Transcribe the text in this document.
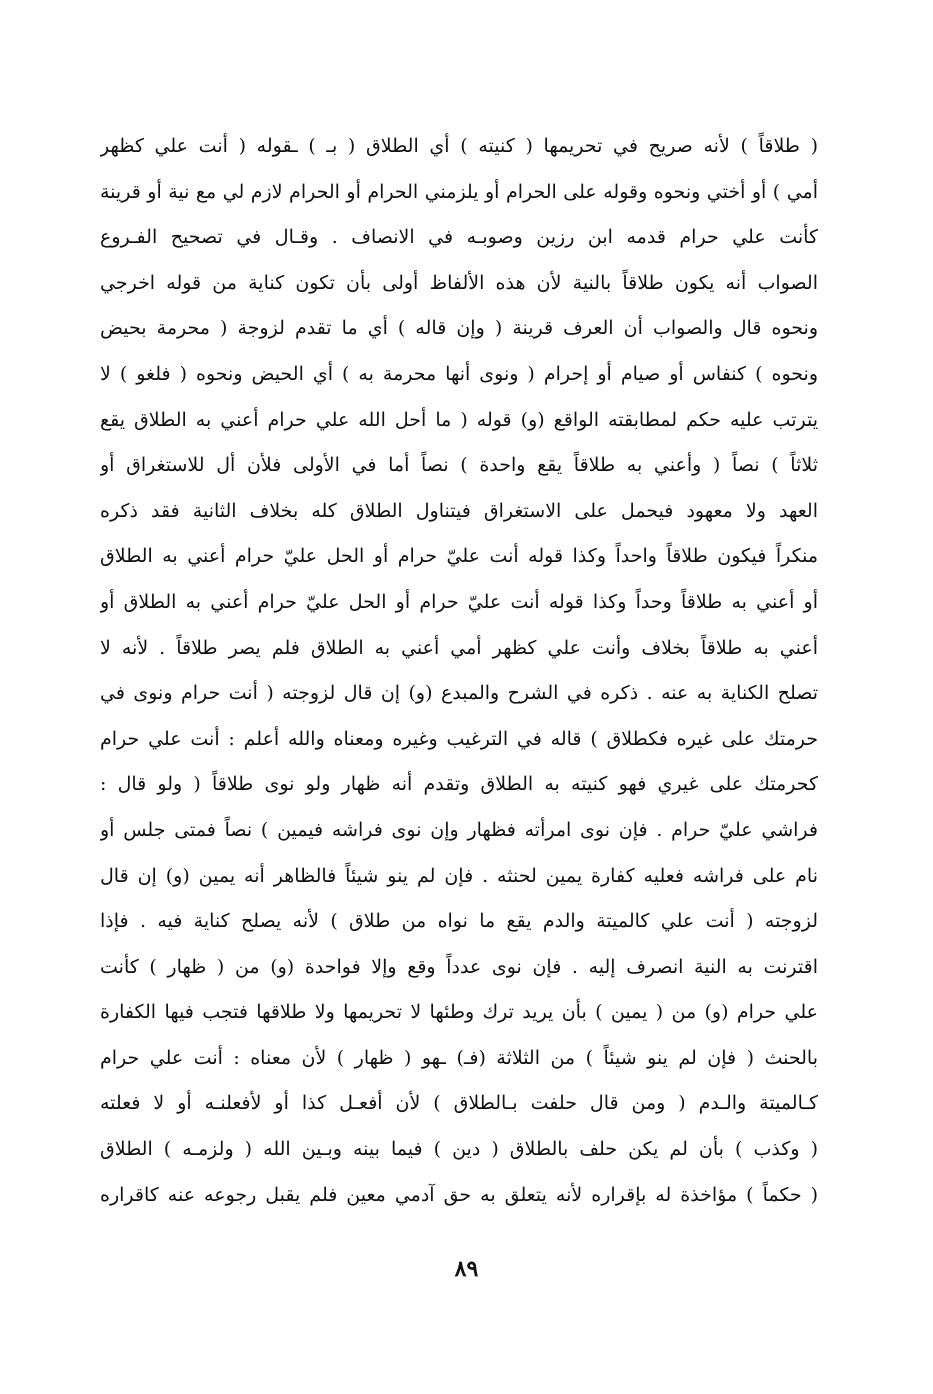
( طلاقاً ) لأنه صريح في تحريمها ( كنيته ) أي الطلاق ( بـ ) ـقوله ( أنت علي كظهر
أمي ) أو أختي ونحوه وقوله على الحرام أو يلزمني الحرام أو الحرام لازم لي مع نية أو قرينة
كأنت علي حرام قدمه ابن رزين وصوبـه في الانصاف . وقـال في تصحيح الفـروع
الصواب أنه يكون طلاقاً بالنية لأن هذه الألفاظ أولى بأن تكون كناية من قوله اخرجي
ونحوه قال والصواب أن العرف قرينة ( وإن قاله ) أي ما تقدم لزوجة ( محرمة بحيض
ونحوه ) كنفاس أو صيام أو إحرام ( ونوى أنها محرمة به ) أي الحيض ونحوه ( فلغو ) لا
يترتب عليه حكم لمطابقته الواقع (و) قوله ( ما أحل الله علي حرام أعني به الطلاق يقع
ثلاثاً ) نصاً ( وأعني به طلاقاً يقع واحدة ) نصاً أما في الأولى فلأن أل للاستغراق أو
العهد ولا معهود فيحمل على الاستغراق فيتناول الطلاق كله بخلاف الثانية فقد ذكره
منكراً فيكون طلاقاً واحداً وكذا قوله أنت عليّ حرام أو الحل عليّ حرام أعني به الطلاق
أو أعني به طلاقاً وحداً وكذا قوله أنت عليّ حرام أو الحل عليّ حرام أعني به الطلاق أو
أعني به طلاقاً بخلاف وأنت علي كظهر أمي أعني به الطلاق فلم يصر طلاقاً . لأنه لا
تصلح الكناية به عنه . ذكره في الشرح والمبدع (و) إن قال لزوجته ( أنت حرام ونوى في
حرمتك على غيره فكطلاق ) قاله في الترغيب وغيره ومعناه والله أعلم : أنت علي حرام
كحرمتك على غيري فهو كنيته به الطلاق وتقدم أنه ظهار ولو نوى طلاقاً ( ولو قال :
فراشي عليّ حرام . فإن نوى امرأته فظهار وإن نوى فراشه فيمين ) نصاً فمتى جلس أو
نام على فراشه فعليه كفارة يمين لحنثه . فإن لم ينو شيئاً فالظاهر أنه يمين (و) إن قال
لزوجته ( أنت علي كالميتة والدم يقع ما نواه من طلاق ) لأنه يصلح كناية فيه . فإذا
اقترنت به النية انصرف إليه . فإن نوى عدداً وقع وإلا فواحدة (و) من ( ظهار ) كأنت
علي حرام (و) من ( يمين ) بأن يريد ترك وطئها لا تحريمها ولا طلاقها فتجب فيها الكفارة
بالحنث ( فإن لم ينو شيئاً ) من الثلاثة (فـ) ـهو ( ظهار ) لأن معناه : أنت علي حرام
كـالميتة والـدم ( ومن قال حلفت بـالطلاق ) لأن أفعـل كذا أو لأفعلنـه أو لا فعلته
( وكذب ) بأن لم يكن حلف بالطلاق ( دين ) فيما بينه وبـين الله ( ولزمـه ) الطلاق
( حكماً ) مؤاخذة له بإقراره لأنه يتعلق به حق آدمي معين فلم يقبل رجوعه عنه كاقراره
٨٩
